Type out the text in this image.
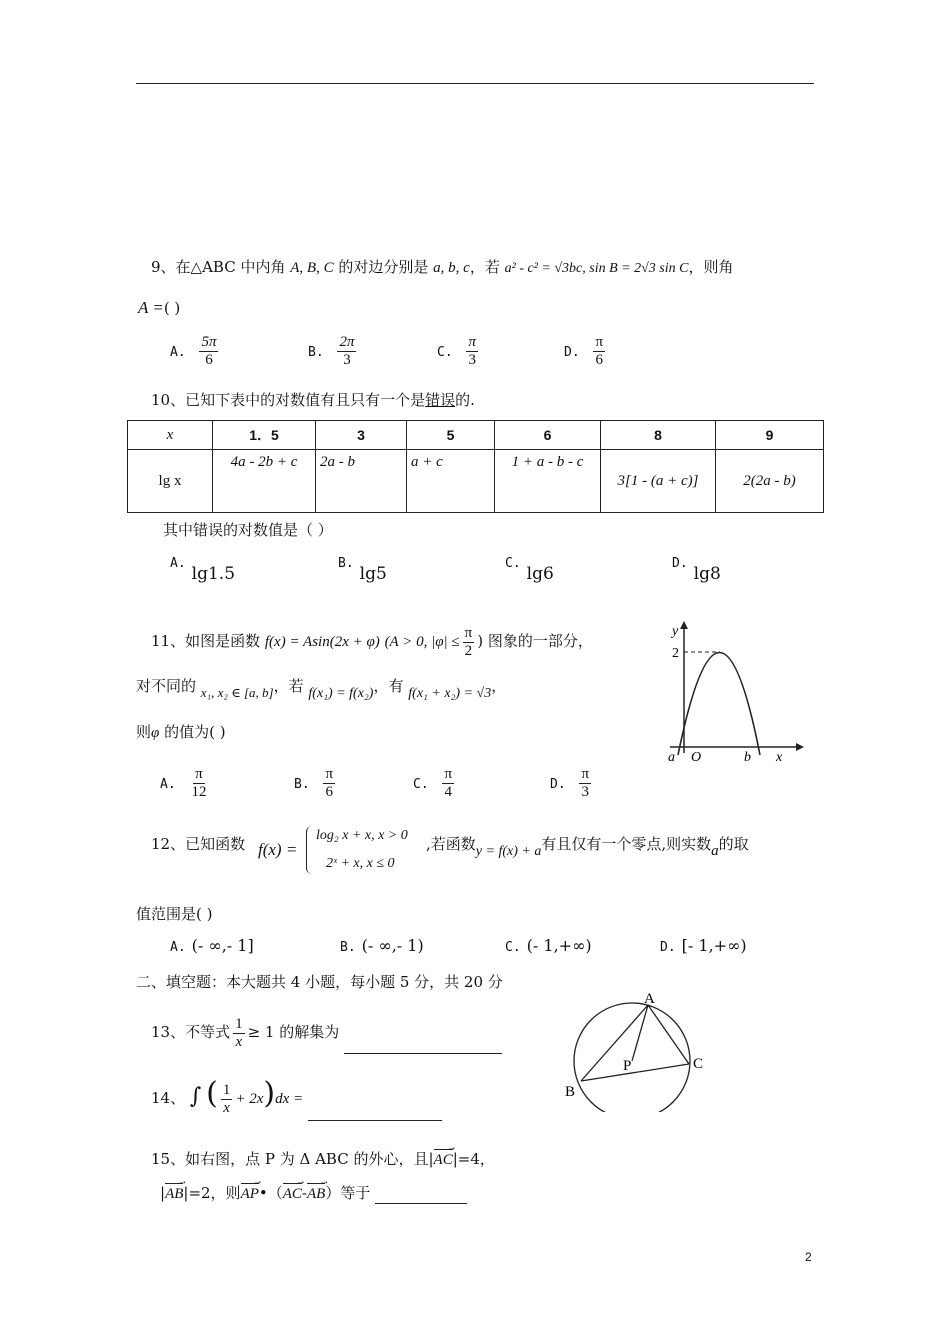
9、在△ABC 中内角 A, B, C 的对边分别是 a, b, c，若 a² - c² = √3bc, sin B = 2√3 sin C，则角
A =( )
A. $\frac{5\pi}{6}$	B. $\frac{2\pi}{3}$	C. $\frac{\pi}{3}$	D. $\frac{\pi}{6}$
10、已知下表中的对数值有且只有一个是错误的.
x	1．5	3	5	6	8	9
lg x	4a - 2b + c	2a - b	a + c	1 + a - b - c	3[1 - (a + c)]	2(2a - b)
其中错误的对数值是（ ）
A.lg1.5
B.lg5
C.lg6
D.lg8
11、如图是函数 f(x) = Asin(2x + φ) (A > 0, $|\varphi| \le \frac{\pi}{2}$ ) 图象的一部分，
对不同的 x₁, x₂ ∈ [a, b]，若 f(x₁) = f(x₂)，有 f(x₁ + x₂) = √3，
则φ 的值为( )
y
2
a O	b x
A. $\frac{\pi}{12}$	B. $\frac{\pi}{6}$	C. $\frac{\pi}{4}$	D. $\frac{\pi}{3}$
12、已知函数 f(x) =
log₂ x + x, x > 0
2ˣ + x, x ≤ 0
,若函数y = f(x) + a有且仅有一个零点,则实数a的取
值范围是( )
A. (- ∞,- 1]	B. (- ∞,- 1)	C. (- 1,+∞)	D. [- 1,+∞)
二、填空题：本大题共 4 小题，每小题 5 分，共 20 分
13、不等式 $\frac{1}{x} \ge 1$ 的解集为
14、 ∫ ( $\frac{1}{x} + 2x)dx$ =
15、如右图，点 P 为 Δ ABC 的外心，且|AC →|=4，
|AB →|=2，则AP →•（AC →-AB →）等于
A
B
C
P
2
